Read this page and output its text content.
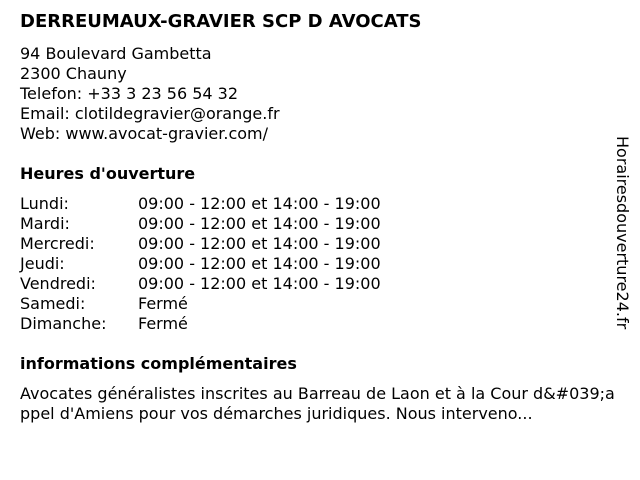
DERREUMAUX-GRAVIER SCP D AVOCATS
94 Boulevard Gambetta
2300 Chauny
Telefon: +33 3 23 56 54 32
Email: clotildegravier@orange.fr
Web: www.avocat-gravier.com/
Heures d'ouverture
Lundi:	09:00 - 12:00 et 14:00 - 19:00
Mardi:	09:00 - 12:00 et 14:00 - 19:00
Mercredi:	09:00 - 12:00 et 14:00 - 19:00
Jeudi:	09:00 - 12:00 et 14:00 - 19:00
Vendredi:	09:00 - 12:00 et 14:00 - 19:00
Samedi:	Fermé
Dimanche: Fermé
informations complémentaires
Avocates généralistes inscrites au Barreau de Laon et à la Cour d&#039;appel d'Amiens pour vos démarches juridiques. Nous interveno...
Horairesdouverture24.fr
